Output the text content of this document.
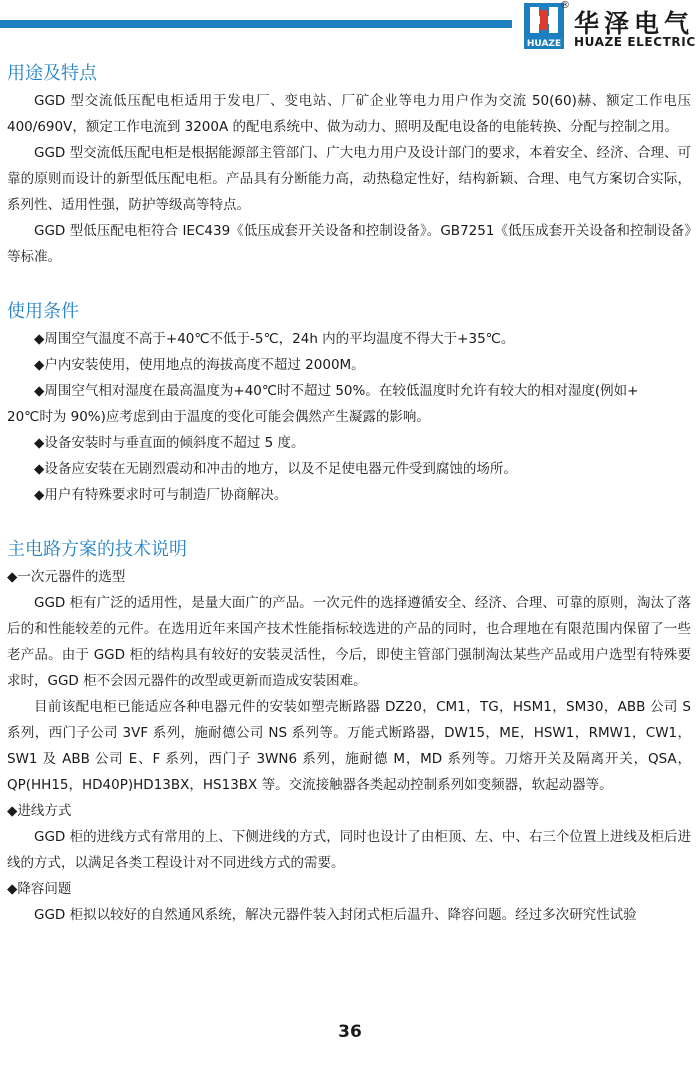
HUAZE
®
华泽电气
HUAZE ELECTRIC
用途及特点

GGD 型交流低压配电柜适用于发电厂、变电站、厂矿企业等电力用户作为交流 50(60)赫、额定工作电压 400/690V，额定工作电流到 3200A 的配电系统中、做为动力、照明及配电设备的电能转换、分配与控制之用。

GGD 型交流低压配电柜是根据能源部主管部门、广大电力用户及设计部门的要求，本着安全、经济、合理、可靠的原则而设计的新型低压配电柜。产品具有分断能力高，动热稳定性好，结构新颖、合理、电气方案切合实际，系列性、适用性强，防护等级高等特点。

GGD 型低压配电柜符合 IEC439《低压成套开关设备和控制设备》。GB7251《低压成套开关设备和控制设备》等标准。

使用条件

◆周围空气温度不高于+40℃不低于-5℃，24h 内的平均温度不得大于+35℃。

◆户内安装使用，使用地点的海拔高度不超过 2000M。

◆周围空气相对湿度在最高温度为+40℃时不超过 50%。在较低温度时允许有较大的相对湿度(例如+

20℃时为 90%)应考虑到由于温度的变化可能会偶然产生凝露的影响。

◆设备安装时与垂直面的倾斜度不超过 5 度。

◆设备应安装在无剧烈震动和冲击的地方，以及不足使电器元件受到腐蚀的场所。

◆用户有特殊要求时可与制造厂协商解决。

主电路方案的技术说明

◆一次元器件的选型

GGD 柜有广泛的适用性，是量大面广的产品。一次元件的选择遵循安全、经济、合理、可靠的原则，淘汰了落后的和性能较差的元件。在选用近年来国产技术性能指标较选进的产品的同时，也合理地在有限范围内保留了一些老产品。由于 GGD 柜的结构具有较好的安装灵活性，今后，即使主管部门强制淘汰某些产品或用户选型有特殊要求时，GGD 柜不会因元器件的改型或更新而造成安装困难。

目前该配电柜已能适应各种电器元件的安装如塑壳断路器 DZ20，CM1，TG，HSM1，SM30，ABB 公司 S 系列，西门子公司 3VF 系列，施耐德公司 NS 系列等。万能式断路器，DW15，ME，HSW1，RMW1，CW1，SW1 及 ABB 公司 E、F 系列，西门子 3WN6 系列，施耐德 M，MD 系列等。刀熔开关及隔离开关，QSA，QP(HH15，HD40P)HD13BX，HS13BX 等。交流接触器各类起动控制系列如变频器，软起动器等。

◆进线方式

GGD 柜的进线方式有常用的上、下侧进线的方式，同时也设计了由柜顶、左、中、右三个位置上进线及柜后进线的方式，以满足各类工程设计对不同进线方式的需要。

◆降容问题

GGD 柜拟以较好的自然通风系统，解决元器件装入封闭式柜后温升、降容问题。经过多次研究性试验

36
